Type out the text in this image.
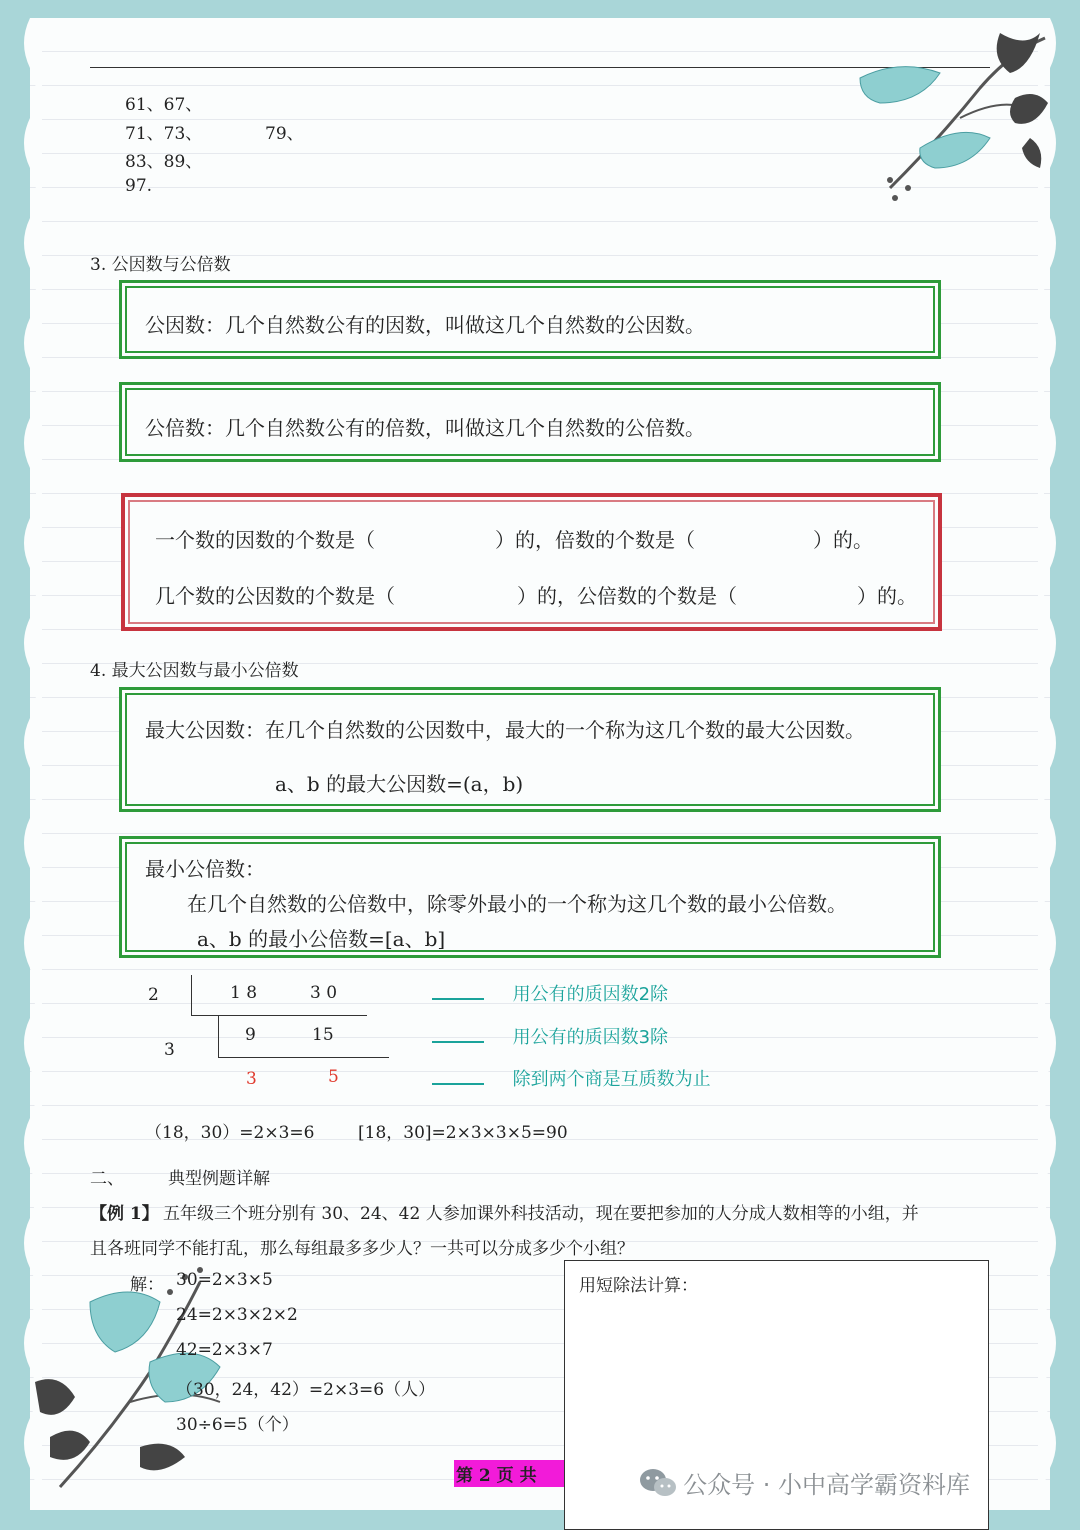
61、67、
71、73、	79、
83、89、
97.
3. 公因数与公倍数
公因数：几个自然数公有的因数，叫做这几个自然数的公因数。
公倍数：几个自然数公有的倍数，叫做这几个自然数的公倍数。
一个数的因数的个数是（	）的，倍数的个数是（	）的。
几个数的公因数的个数是（	）的，公倍数的个数是（	）的。
4. 最大公因数与最小公倍数
最大公因数：在几个自然数的公因数中，最大的一个称为这几个数的最大公因数。
a、b 的最大公因数=(a，b)
最小公倍数：
在几个自然数的公倍数中，除零外最小的一个称为这几个数的最小公倍数。
a、b 的最小公倍数=[a、b]
2
3
1 8	3 0
9	15
3	5
用公有的质因数2除
用公有的质因数3除
除到两个商是互质数为止
（18，30）=2×3=6	[18，30]=2×3×3×5=90
二、	典型例题详解
【例 1】 五年级三个班分别有 30、24、42 人参加课外科技活动，现在要把参加的人分成人数相等的小组，并
且各班同学不能打乱，那么每组最多多少人？一共可以分成多少个小组？
解： 30=2×3×5
24=2×3×2×2
42=2×3×7
（30，24，42）=2×3=6（人）
30÷6=5（个）
用短除法计算：
第 2 页 共	公众号 · 小中高学霸资料库
